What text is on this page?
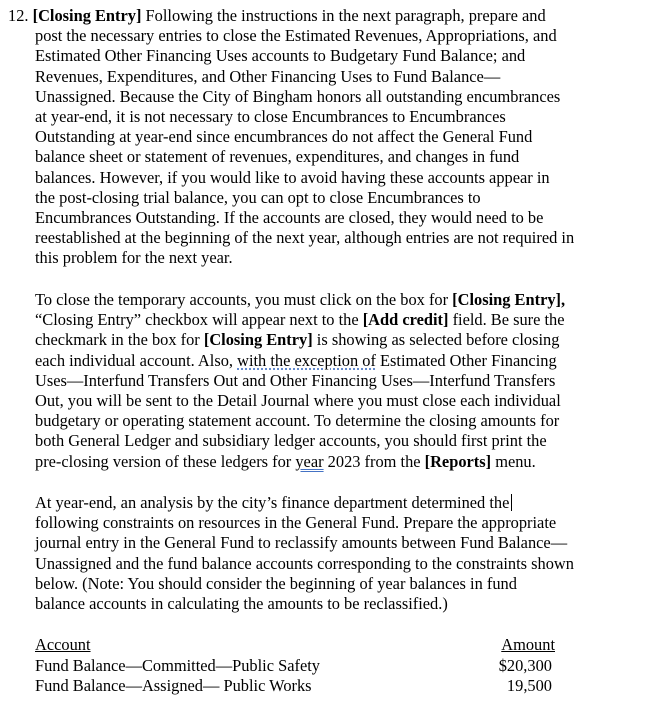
12. [Closing Entry] Following the instructions in the next paragraph, prepare and
post the necessary entries to close the Estimated Revenues, Appropriations, and
Estimated Other Financing Uses accounts to Budgetary Fund Balance; and
Revenues, Expenditures, and Other Financing Uses to Fund Balance—
Unassigned. Because the City of Bingham honors all outstanding encumbrances
at year-end, it is not necessary to close Encumbrances to Encumbrances
Outstanding at year-end since encumbrances do not affect the General Fund
balance sheet or statement of revenues, expenditures, and changes in fund
balances. However, if you would like to avoid having these accounts appear in
the post-closing trial balance, you can opt to close Encumbrances to
Encumbrances Outstanding. If the accounts are closed, they would need to be
reestablished at the beginning of the next year, although entries are not required in
this problem for the next year.
To close the temporary accounts, you must click on the box for [Closing Entry],
“Closing Entry” checkbox will appear next to the [Add credit] field. Be sure the
checkmark in the box for [Closing Entry] is showing as selected before closing
each individual account. Also, with the exception of Estimated Other Financing
Uses—Interfund Transfers Out and Other Financing Uses—Interfund Transfers
Out, you will be sent to the Detail Journal where you must close each individual
budgetary or operating statement account. To determine the closing amounts for
both General Ledger and subsidiary ledger accounts, you should first print the
pre-closing version of these ledgers for year 2023 from the [Reports] menu.
At year-end, an analysis by the city’s finance department determined the
following constraints on resources in the General Fund. Prepare the appropriate
journal entry in the General Fund to reclassify amounts between Fund Balance—
Unassigned and the fund balance accounts corresponding to the constraints shown
below. (Note: You should consider the beginning of year balances in fund
balance accounts in calculating the amounts to be reclassified.)
Account	Amount
Fund Balance—Committed—Public Safety	$20,300
Fund Balance—Assigned— Public Works	19,500
